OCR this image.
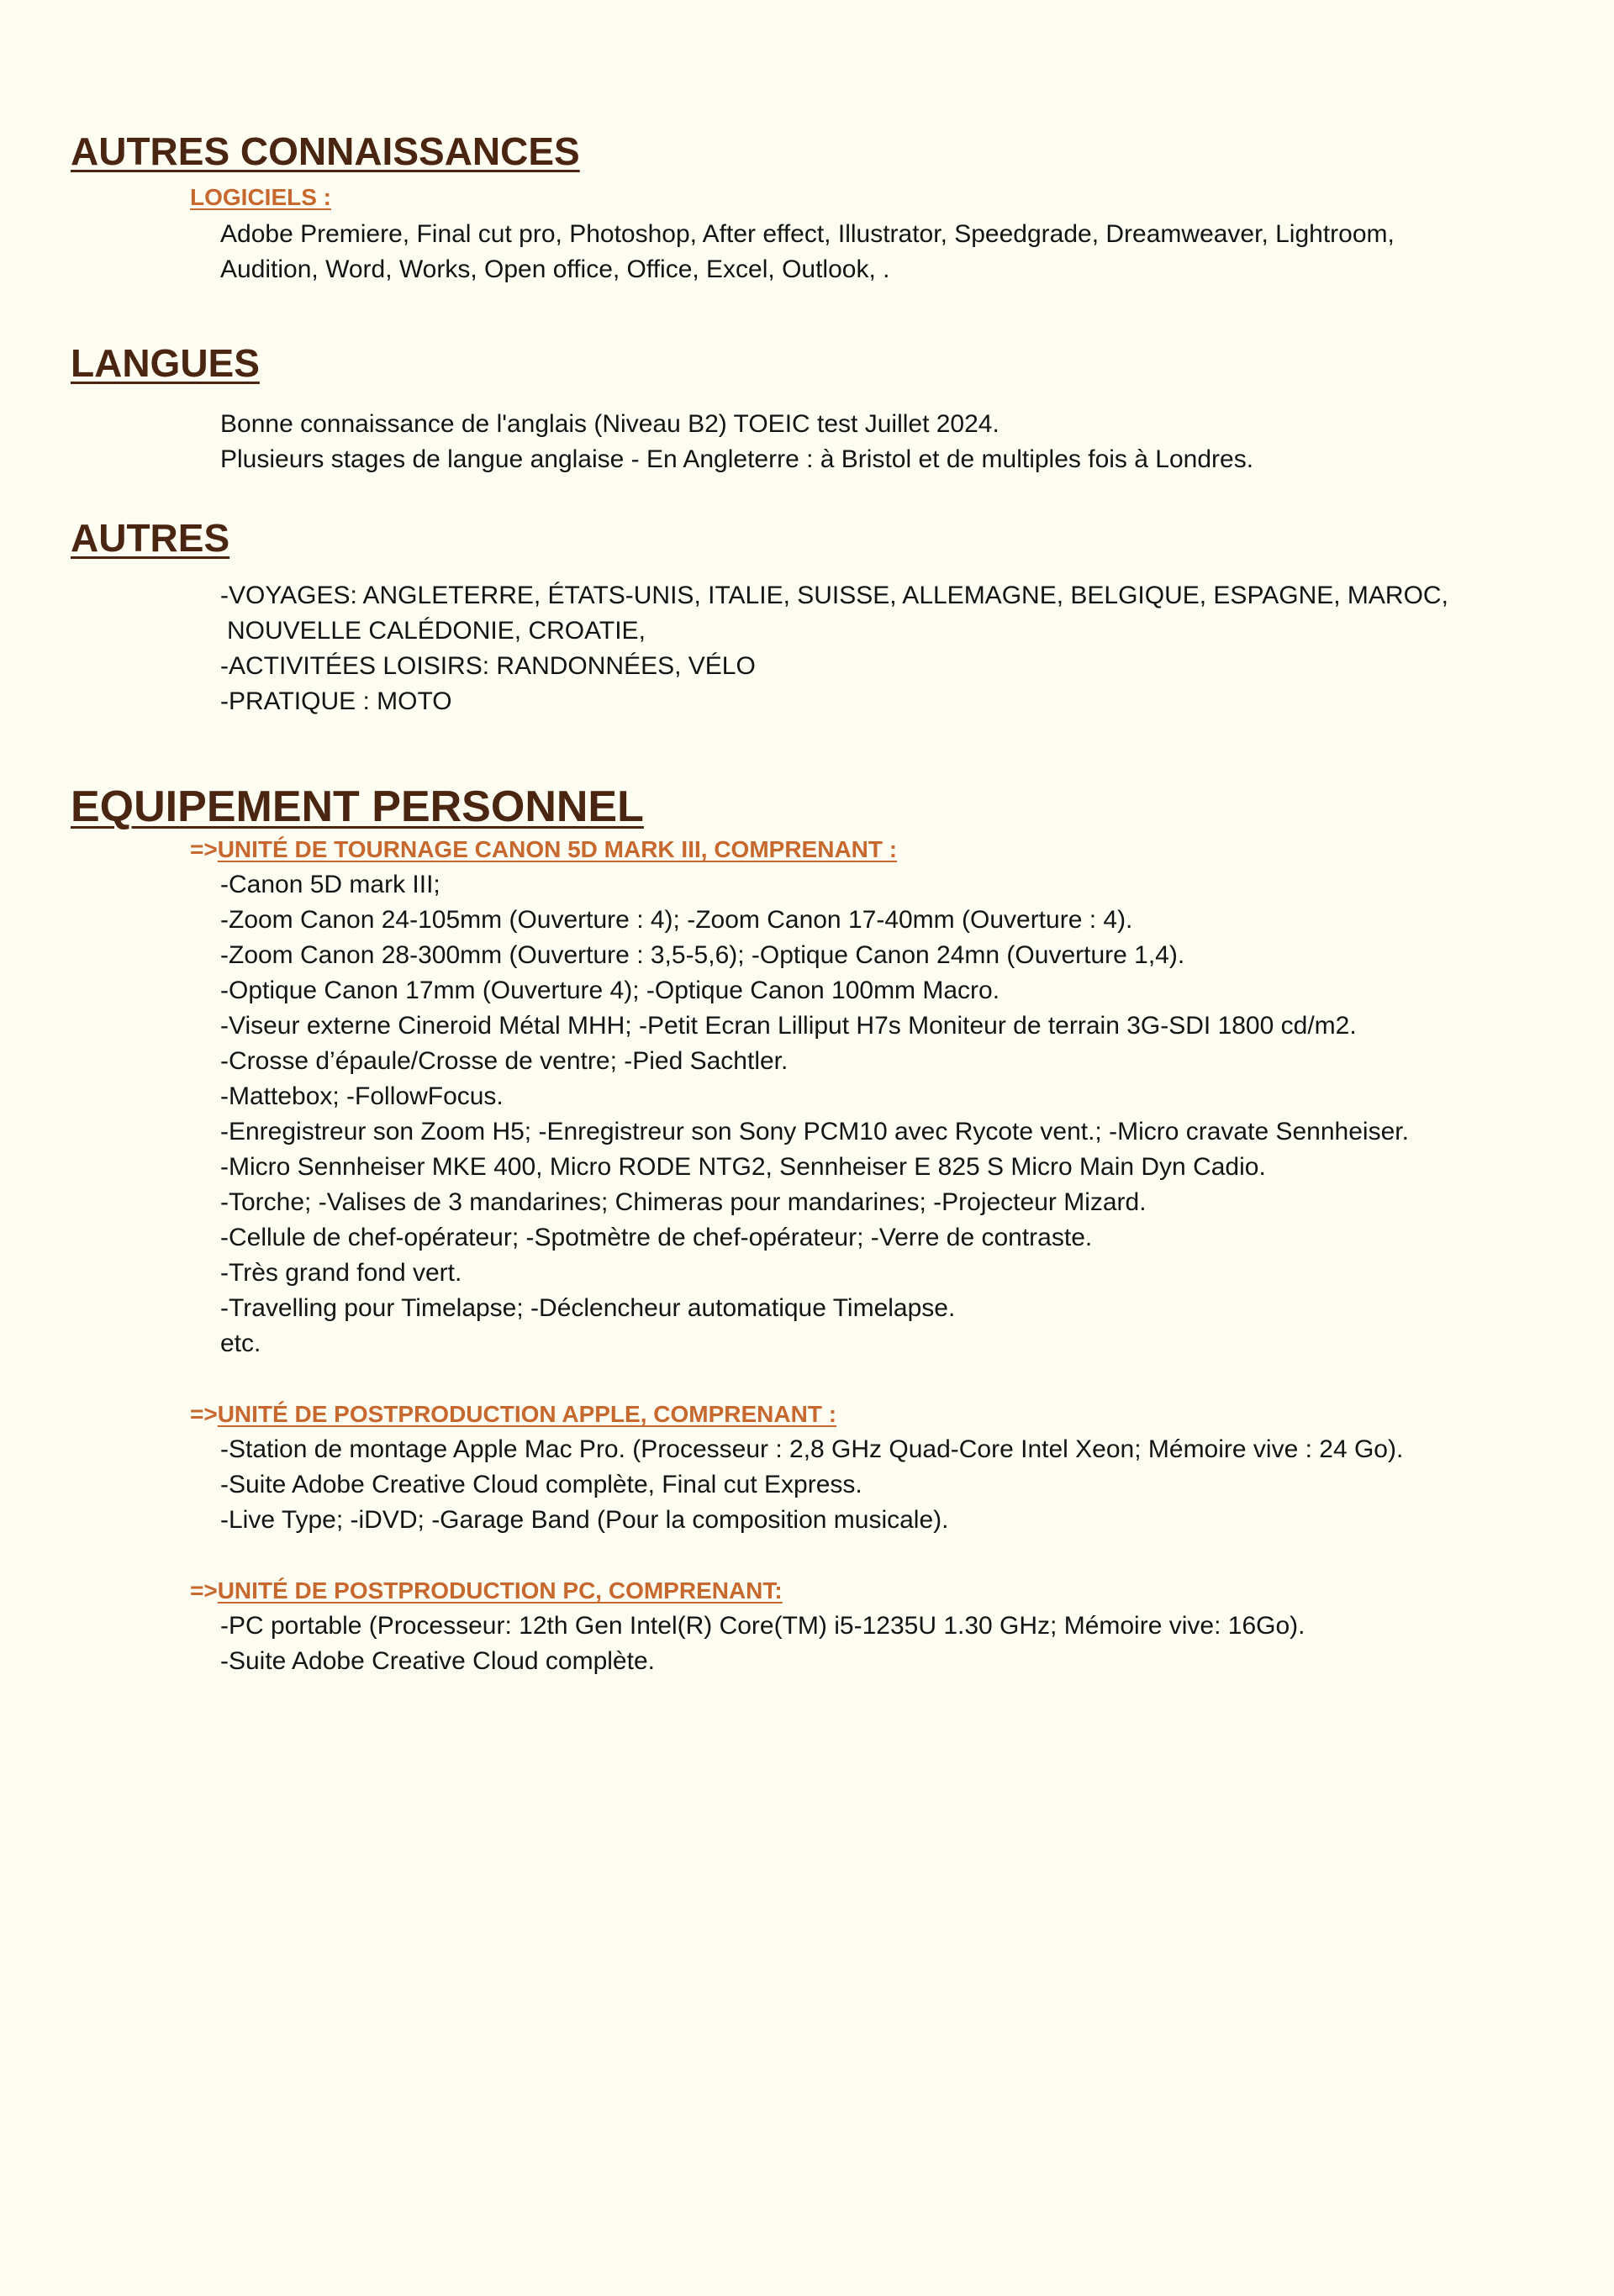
AUTRES CONNAISSANCES
LOGICIELS :
Adobe Premiere, Final cut pro, Photoshop, After effect, Illustrator, Speedgrade, Dreamweaver, Lightroom,
Audition, Word, Works, Open office, Office, Excel, Outlook, .
LANGUES
Bonne connaissance de l'anglais (Niveau B2) TOEIC test Juillet 2024.
Plusieurs stages de langue anglaise - En Angleterre : à Bristol et de multiples fois à Londres.
AUTRES
-VOYAGES: ANGLETERRE, ÉTATS-UNIS, ITALIE, SUISSE, ALLEMAGNE, BELGIQUE, ESPAGNE, MAROC,
NOUVELLE CALÉDONIE, CROATIE,
-ACTIVITÉES LOISIRS: RANDONNÉES, VÉLO
-PRATIQUE : MOTO
EQUIPEMENT PERSONNEL
=>UNITÉ DE TOURNAGE CANON 5D MARK III, COMPRENANT :
-Canon 5D mark III;
-Zoom Canon 24-105mm (Ouverture : 4); -Zoom Canon 17-40mm (Ouverture : 4).
-Zoom Canon 28-300mm (Ouverture : 3,5-5,6); -Optique Canon 24mn (Ouverture 1,4).
-Optique Canon 17mm (Ouverture 4); -Optique Canon 100mm Macro.
-Viseur externe Cineroid Métal MHH; -Petit Ecran Lilliput H7s Moniteur de terrain 3G-SDI 1800 cd/m2.
-Crosse d’épaule/Crosse de ventre; -Pied Sachtler.
-Mattebox; -FollowFocus.
-Enregistreur son Zoom H5; -Enregistreur son Sony PCM10 avec Rycote vent.; -Micro cravate Sennheiser.
-Micro Sennheiser MKE 400, Micro RODE NTG2, Sennheiser E 825 S Micro Main Dyn Cadio.
-Torche; -Valises de 3 mandarines; Chimeras pour mandarines; -Projecteur Mizard.
-Cellule de chef-opérateur; -Spotmètre de chef-opérateur; -Verre de contraste.
-Très grand fond vert.
-Travelling pour Timelapse; -Déclencheur automatique Timelapse.
etc.
=>UNITÉ DE POSTPRODUCTION APPLE, COMPRENANT :
-Station de montage Apple Mac Pro. (Processeur : 2,8 GHz Quad-Core Intel Xeon; Mémoire vive : 24 Go).
-Suite Adobe Creative Cloud complète, Final cut Express.
-Live Type; -iDVD; -Garage Band (Pour la composition musicale).
=>UNITÉ DE POSTPRODUCTION PC, COMPRENANT:
-PC portable (Processeur: 12th Gen Intel(R) Core(TM) i5-1235U 1.30 GHz; Mémoire vive: 16Go).
-Suite Adobe Creative Cloud complète.
